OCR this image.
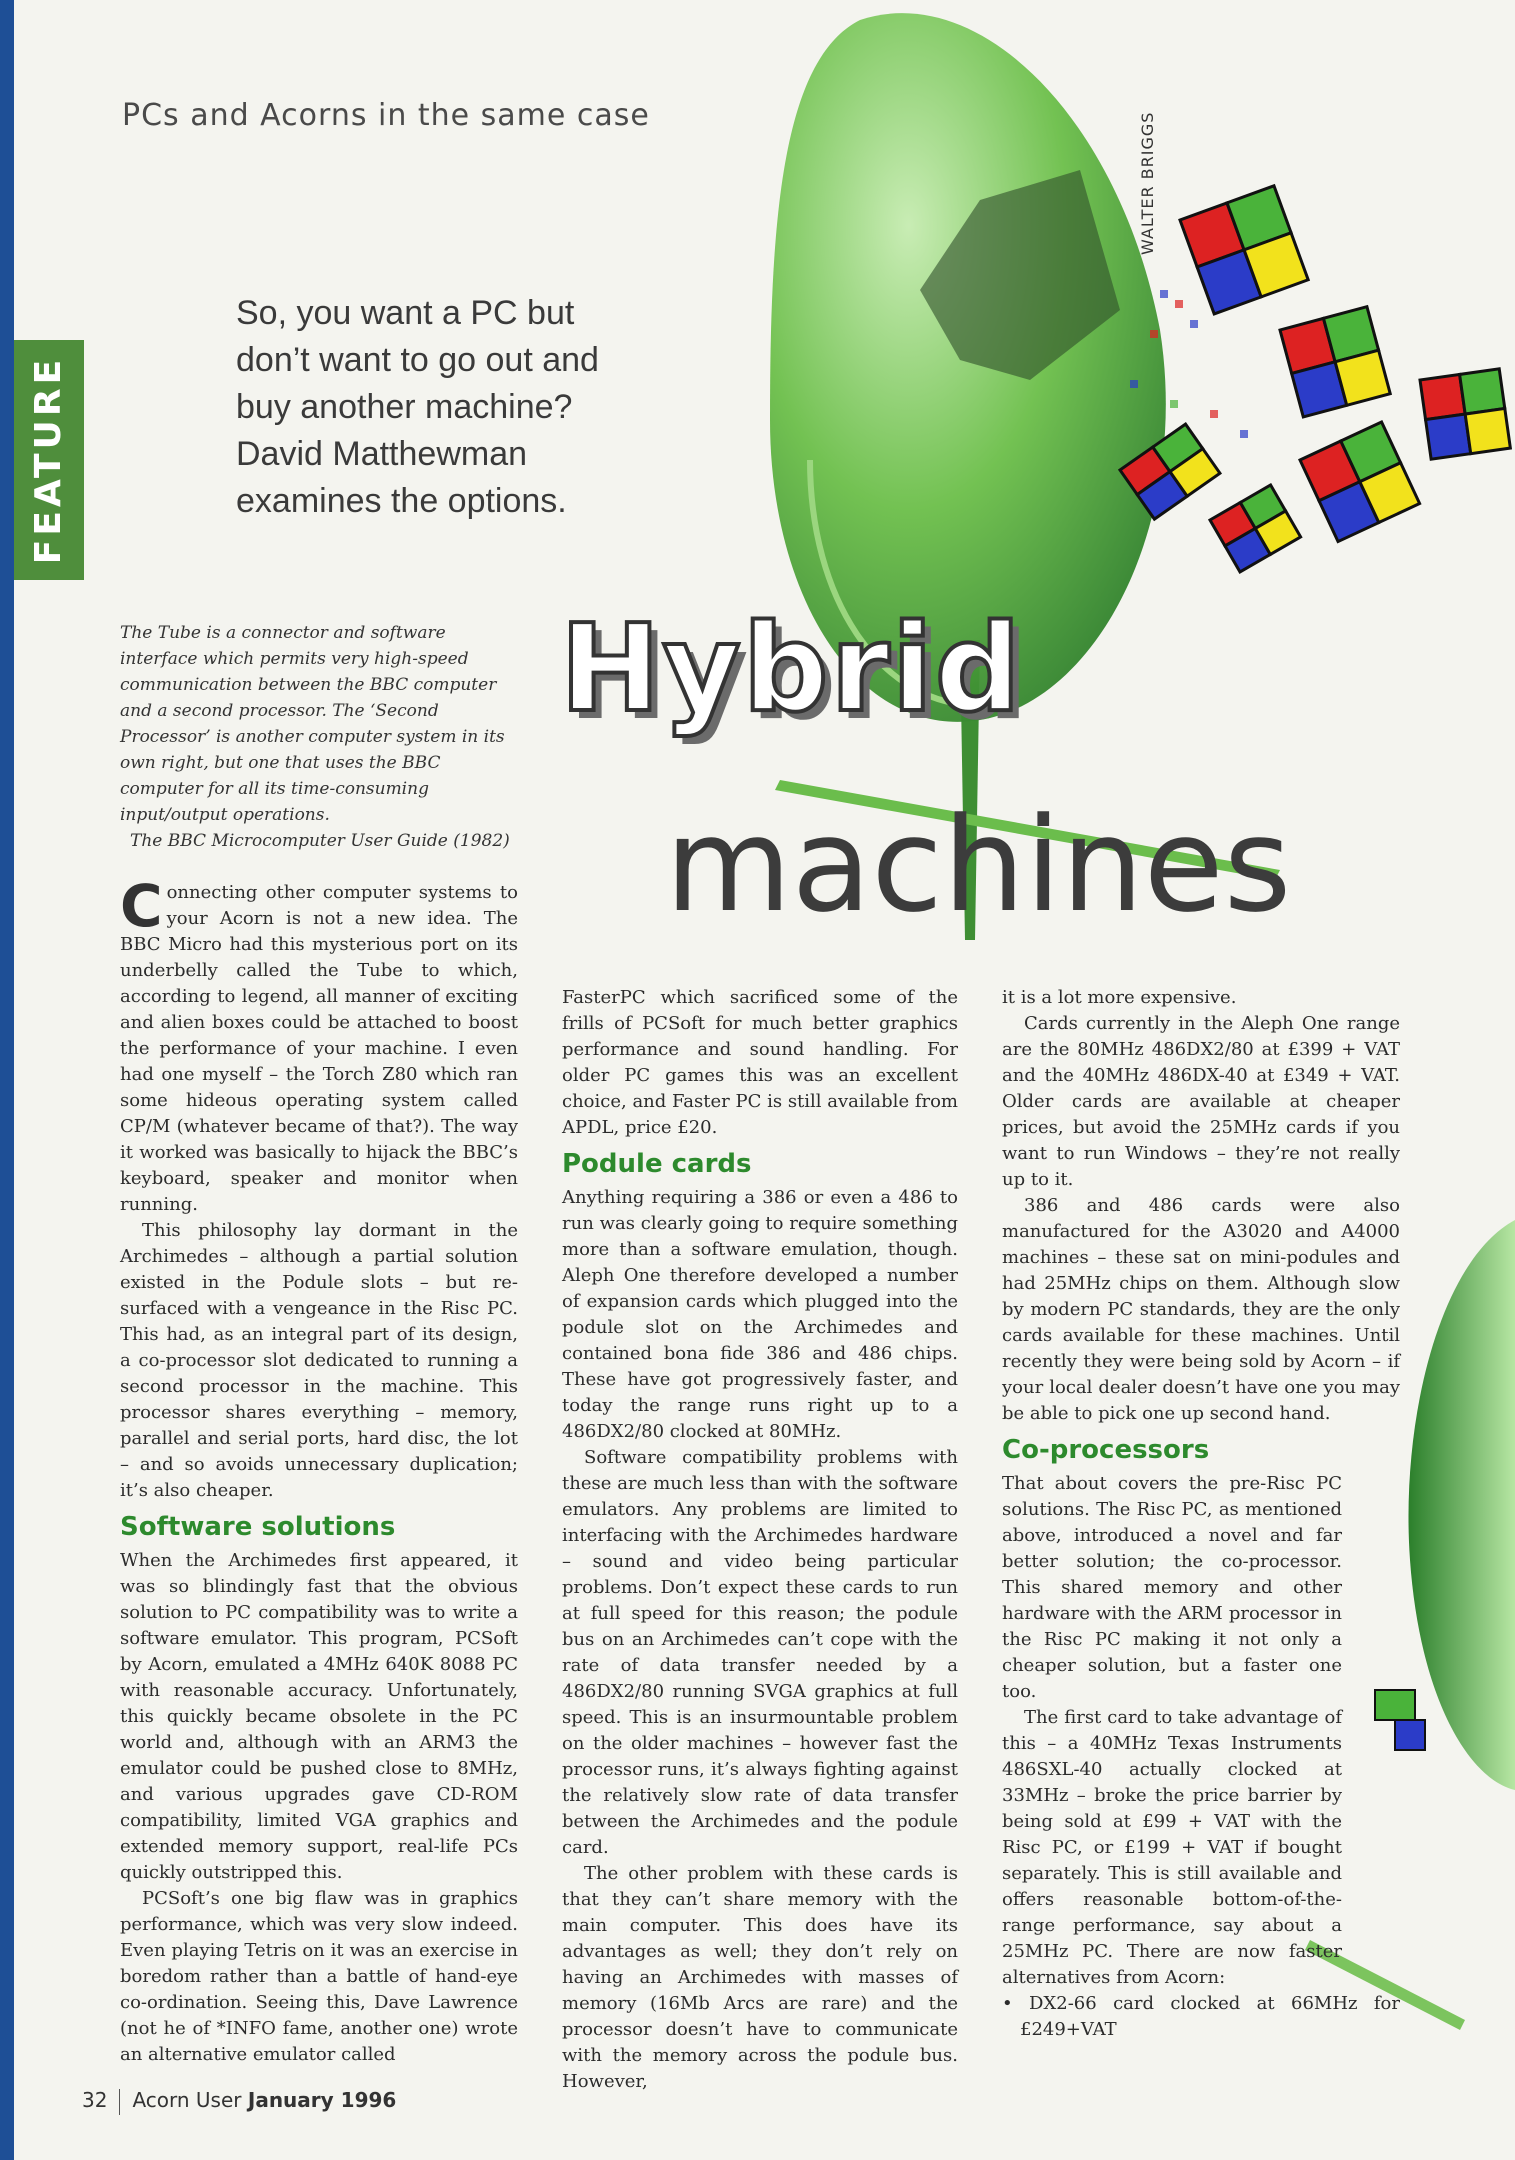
FEATURE
PCs and Acorns in the same case
So, you want a PC but don’t want to go out and buy another machine? David Matthewman examines the options.
WALTER BRIGGS

The Tube is a connector and software interface which permits very high-speed communication between the BBC computer and a second processor. The ‘Second Processor’ is another computer system in its own right, but one that uses the BBC computer for all its time-consuming input/output operations.

The BBC Microcomputer User Guide (1982)

Hybrid
machines

Connecting other computer systems to your Acorn is not a new idea. The BBC Micro had this mysterious port on its underbelly called the Tube to which, according to legend, all manner of exciting and alien boxes could be attached to boost the performance of your machine. I even had one myself – the Torch Z80 which ran some hideous operating system called CP/M (whatever became of that?). The way it worked was basically to hijack the BBC’s keyboard, speaker and monitor when running.

This philosophy lay dormant in the Archimedes – although a partial solution existed in the Podule slots – but re-surfaced with a vengeance in the Risc PC. This had, as an integral part of its design, a co-processor slot dedicated to running a second processor in the machine. This processor shares everything – memory, parallel and serial ports, hard disc, the lot – and so avoids unnecessary duplication; it’s also cheaper.

Software solutions

When the Archimedes first appeared, it was so blindingly fast that the obvious solution to PC compatibility was to write a software emulator. This program, PCSoft by Acorn, emulated a 4MHz 640K 8088 PC with reasonable accuracy. Unfortunately, this quickly became obsolete in the PC world and, although with an ARM3 the emulator could be pushed close to 8MHz, and various upgrades gave CD-ROM compatibility, limited VGA graphics and extended memory support, real-life PCs quickly outstripped this.

PCSoft’s one big flaw was in graphics performance, which was very slow indeed. Even playing Tetris on it was an exercise in boredom rather than a battle of hand-eye co-ordination. Seeing this, Dave Lawrence (not he of *INFO fame, another one) wrote an alternative emulator called

FasterPC which sacrificed some of the frills of PCSoft for much better graphics performance and sound handling. For older PC games this was an excellent choice, and Faster PC is still available from APDL, price £20.

Podule cards

Anything requiring a 386 or even a 486 to run was clearly going to require something more than a software emulation, though. Aleph One therefore developed a number of expansion cards which plugged into the podule slot on the Archimedes and contained bona fide 386 and 486 chips. These have got progressively faster, and today the range runs right up to a 486DX2/80 clocked at 80MHz.

Software compatibility problems with these are much less than with the software emulators. Any problems are limited to interfacing with the Archimedes hardware – sound and video being particular problems. Don’t expect these cards to run at full speed for this reason; the podule bus on an Archimedes can’t cope with the rate of data transfer needed by a 486DX2/80 running SVGA graphics at full speed. This is an insurmountable problem on the older machines – however fast the processor runs, it’s always fighting against the relatively slow rate of data transfer between the Archimedes and the podule card.

The other problem with these cards is that they can’t share memory with the main computer. This does have its advantages as well; they don’t rely on having an Archimedes with masses of memory (16Mb Arcs are rare) and the processor doesn’t have to communicate with the memory across the podule bus. However,

it is a lot more expensive.

Cards currently in the Aleph One range are the 80MHz 486DX2/80 at £399 + VAT and the 40MHz 486DX-40 at £349 + VAT. Older cards are available at cheaper prices, but avoid the 25MHz cards if you want to run Windows – they’re not really up to it.

386 and 486 cards were also manufactured for the A3020 and A4000 machines – these sat on mini-podules and had 25MHz chips on them. Although slow by modern PC standards, they are the only cards available for these machines. Until recently they were being sold by Acorn – if your local dealer doesn’t have one you may be able to pick one up second hand.

Co-processors

That about covers the pre-Risc PC solutions. The Risc PC, as mentioned above, introduced a novel and far better solution; the co-processor. This shared memory and other hardware with the ARM processor in the Risc PC making it not only a cheaper solution, but a faster one too.

The first card to take advantage of this – a 40MHz Texas Instruments 486SXL-40 actually clocked at 33MHz – broke the price barrier by being sold at £99 + VAT with the Risc PC, or £199 + VAT if bought separately. This is still available and offers reasonable bottom-of-the-range performance, say about a 25MHz PC. There are now faster alternatives from Acorn:

• DX2-66 card clocked at 66MHz for £249+VAT

32 Acorn User January 1996
